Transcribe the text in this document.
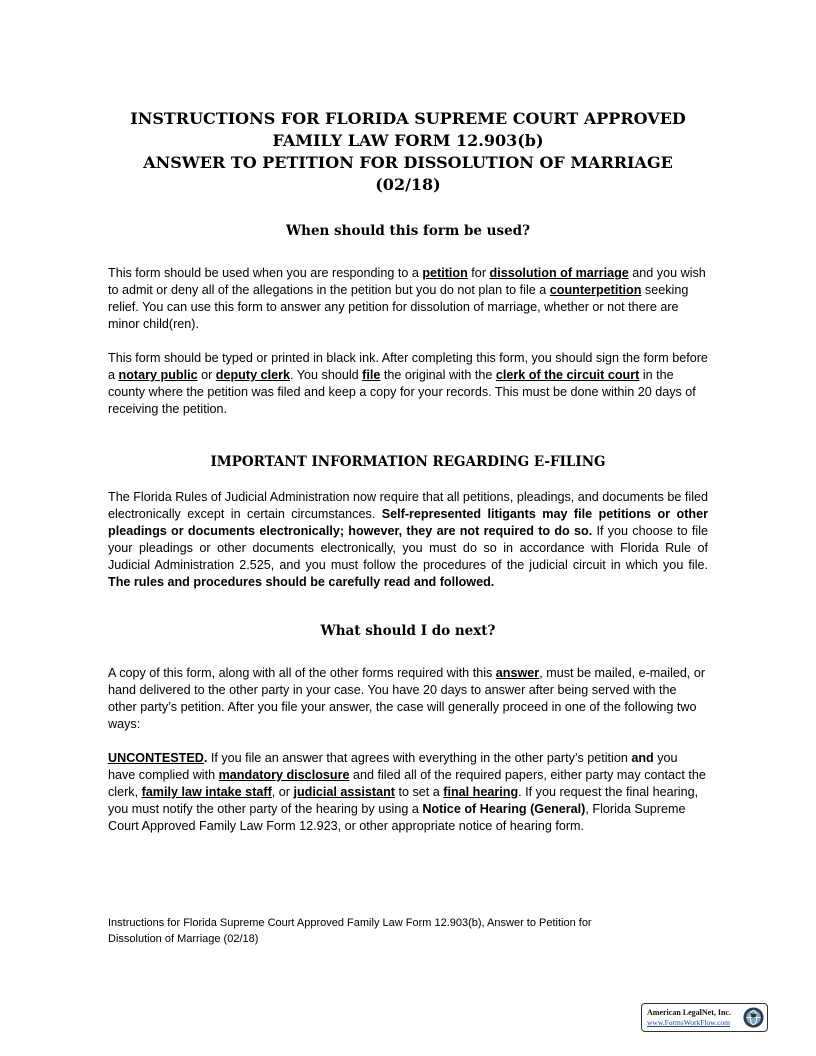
INSTRUCTIONS FOR FLORIDA SUPREME COURT APPROVED
FAMILY LAW FORM 12.903(b)
ANSWER TO PETITION FOR DISSOLUTION OF MARRIAGE
(02/18)
When should this form be used?
This form should be used when you are responding to a petition for dissolution of marriage and you wish to admit or deny all of the allegations in the petition but you do not plan to file a counterpetition seeking relief. You can use this form to answer any petition for dissolution of marriage, whether or not there are minor child(ren).
This form should be typed or printed in black ink. After completing this form, you should sign the form before a notary public or deputy clerk. You should file the original with the clerk of the circuit court in the county where the petition was filed and keep a copy for your records. This must be done within 20 days of receiving the petition.
IMPORTANT INFORMATION REGARDING E-FILING
The Florida Rules of Judicial Administration now require that all petitions, pleadings, and documents be filed electronically except in certain circumstances. Self-represented litigants may file petitions or other pleadings or documents electronically; however, they are not required to do so. If you choose to file your pleadings or other documents electronically, you must do so in accordance with Florida Rule of Judicial Administration 2.525, and you must follow the procedures of the judicial circuit in which you file. The rules and procedures should be carefully read and followed.
What should I do next?
A copy of this form, along with all of the other forms required with this answer, must be mailed, e-mailed, or hand delivered to the other party in your case. You have 20 days to answer after being served with the other party’s petition. After you file your answer, the case will generally proceed in one of the following two ways:
UNCONTESTED. If you file an answer that agrees with everything in the other party’s petition and you have complied with mandatory disclosure and filed all of the required papers, either party may contact the clerk, family law intake staff, or judicial assistant to set a final hearing. If you request the final hearing, you must notify the other party of the hearing by using a Notice of Hearing (General), Florida Supreme Court Approved Family Law Form 12.923, or other appropriate notice of hearing form.
Instructions for Florida Supreme Court Approved Family Law Form 12.903(b), Answer to Petition for
Dissolution of Marriage (02/18)
American LegalNet, Inc.
www.FormsWorkFlow.com
